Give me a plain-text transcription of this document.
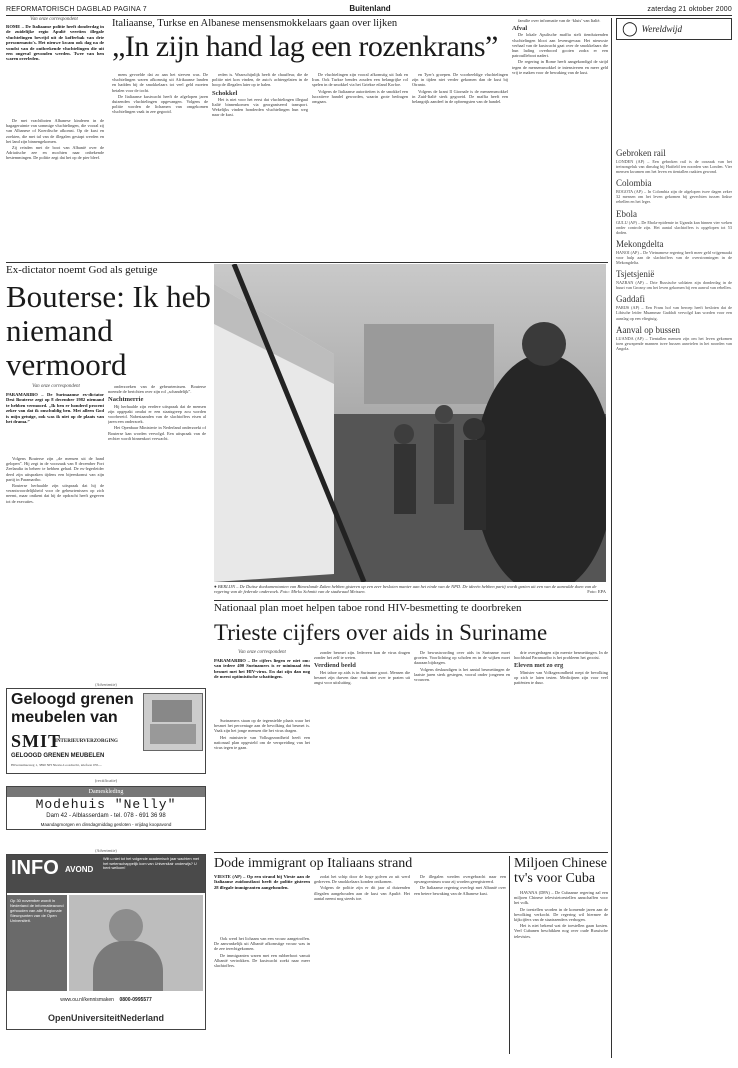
REFORMATORISCH DAGBLAD PAGINA 7	Buitenland	zaterdag 21 oktober 2000
Van onze correspondent
ROME – De Italiaanse politie heeft donderdag in de zuidelijke regio Apulië veertien illegale vluchtelingen bevrijd uit de kofferbak van drie personenauto's. Het nieuwe kwam ook dag na de vondst van de ontbrekende vluchtelingen die uit een ongeval gevonden werden. Twee van hen waren overleden.

De met vrachtboten Albanese kinderen in de bagageruimte van sommige vluchtelingen, die vooral zij van Albanese of Koerdische afkomst. Op de kust en zoekten, die met tal van de illegalen gestapt werden en het land zijn binnengekomen.

Zij reisden met de boot van Albanië over de Adriatische zee en mochten naar onbekende bestemmingen. De politie zegt dat het op de pier bleef.

Italiaanse, Turkse en Albanese mensensmokkelaars gaan over lijken
„In zijn hand lag een rozenkrans”

mens gevoelde dat zo aan het sterven was. De vluchtelingen waren afkomstig uit Afrikaanse landen en hadden bij de smokkelaars tot veel geld moeten betalen voor de tocht.

De Italiaanse kustwacht heeft de afgelopen jaren duizenden vluchtelingen opgevangen. Volgens de politie worden de lichamen van omgekomen vluchtelingen vaak in zee gegooid.

reden is. Waarschijnlijk heeft de chauffeur, die de politie niet kon vinden, de auto's achtergelaten in de hoop de illegalen later op te halen.

Schokkel

Het is niet voor het eerst dat vluchtelingen illegaal Italië binnenkomen via georganiseerd transport. Wekelijks vinden honderden vluchtelingen hun weg naar de kust.

De vluchtelingen zijn vooral afkomstig uit Irak en Iran. Ook Turkse bendes zouden een belangrijke rol spelen in de smokkel via het Griekse eiland Korfoe.

Volgens de Italiaanse autoriteiten is de smokkel een lucratieve handel geworden, waarin grote bedragen omgaan.

en Tyer's groepen. De voorbeeldige vluchtelingen zijn in tijden niet verder gekomen dan de kust bij Otranto.

Volgens de krant Il Giornale is de mensensmokkel in Zuid-Italië sterk gegroeid. De maffia heeft een belangrijk aandeel in de opbrengsten van de handel.

familie over informatie van de ‘kluis’ van Italië.

Afval

De lokale Apulische maffia stelt tienduizenden vluchtelingen bloot aan levensgevaar. Het nieuwste verhaal van de kustwacht gaat over de smokkelaars die hun lading overboord gooien zodra er een patrouilleboot nadert.

De regering in Rome heeft aangekondigd de strijd tegen de mensensmokkel te intensiveren en meer geld vrij te maken voor de bewaking van de kust.

◯ Wereldwijd
Gebroken rail
LONDEN (AP) – Een gebroken rail is de oorzaak van het treinongeluk van dinsdag bij Hatfield ten noorden van Londen. Vier mensen kwamen om het leven en tientallen raakten gewond.
Colombia
BOGOTA (AP) – In Colombia zijn de afgelopen twee dagen zeker 32 mensen om het leven gekomen bij gevechten tussen linkse rebellen en het leger.
Ebola
GULU (AP) – De Ebola-epidemie in Uganda kan binnen vier weken onder controle zijn. Het aantal slachtoffers is opgelopen tot 53 doden.
Mekongdelta
HANOI (AP) – De Vietnamese regering heeft meer geld vrijgemaakt voor hulp aan de slachtoffers van de overstromingen in de Mekongdelta.
Tsjetsjenië
NAZRAN (AP) – Drie Russische soldaten zijn donderdag in de buurt van Grozny om het leven gekomen bij een aanval van rebellen.
Gaddafi
PARIJS (AP) – Een Frans hof van beroep heeft besloten dat de Libische leider Muammar Gaddafi vervolgd kan worden voor een aanslag op een vliegtuig.
Aanval op bussen
LUANDA (AP) – Tientallen mensen zijn om het leven gekomen toen gewapende mannen twee bussen aanvielen in het noorden van Angola.
Ex-dictator noemt God als getuige
Bouterse: Ik heb niemand vermoord
Van onze correspondent
PARAMARIBO – De Surinaamse ex-dictator Desi Bouterse zegt op 8 december 1982 niemand te hebben vermoord. „Ik ben er honderd procent zeker van dat ik onschuldig ben. Met alleen God is mijn getuige, ook was ik niet op de plaats van het drama.”

Volgens Bouterse zijn „de mensen uit de hand gelopen”. Hij zegt in de voorzaak van 8 december Fort Zeelandia in beheer te hebben gehad. De ex-legerleider deed zijn uitspraken tijdens een bijeenkomst van zijn partij in Paramaribo.

Bouterse herhaalde zijn uitspraak dat hij de verantwoordelijkheid voor de gebeurtenissen op zich neemt, maar ontkent dat hij de opdracht heeft gegeven tot de executies.

onderzoeken van de gebeurtenissen. Bouterse noemde de berichten over zijn rol „schandelijk”.

Nachtmerrie

Hij herhaalde zijn eerdere uitspraak dat de mensen zijn opgepakt omdat er een staatsgreep zou worden voorbereid. Nabestaanden van de slachtoffers eisen al jaren een onderzoek.

Het Openbaar Ministerie in Nederland onderzoekt of Bouterse kan worden vervolgd. Een uitspraak van de rechter wordt binnenkort verwacht.

● BERLIJN – De Duitse donkumentanten van Bimeslande Zaken hebben gisteren op een zeer besloten manier aan het einde van de NPD. De ideeën hebben partij wordt gezien uit een van de aanvulde doen van de regering van de federale onderzoek. Foto: Mirko Schmitt van de stadsraad Meissen.	Foto: EPA
Nationaal plan moet helpen taboe rond HIV-besmetting te doorbreken
Trieste cijfers over aids in Suriname
Van onze correspondent
PARAMARIBO – De cijfers liegen er niet om: van iedere 400 Surinamers is er minimaal één besmet met het HIV-virus. En dat zijn dan nog de meest optimistische schattingen.

Surinamers staan op de tegenstelde plaats waar het besmet het percentage aan de bevolking dat besmet is. Vaak zijn het jonge mensen die het virus dragen.

Het ministerie van Volksgezondheid heeft een nationaal plan opgesteld om de verspreiding van het virus tegen te gaan.

zonder besmet zijn. Iedereen kan de virus dragen zonder het zelf te weten.

Verdiend beeld

Het taboe op aids is in Suriname groot. Mensen die besmet zijn durven daar vaak niet over te praten uit angst voor uitsluiting.

De bewustwording over aids in Suriname moet groeien. Voorlichting op scholen en in de wijken moet daaraan bijdragen.

Volgens deskundigen is het aantal besmettingen de laatste jaren sterk gestegen, vooral onder jongeren en vrouwen.

drie overgedragen zijn meeste besmettingen. In de hoofdstad Paramaribo is het probleem het grootst.

Eleven met zo erg

Minister van Volksgezondheid roept de bevolking op zich te laten testen. Medicijnen zijn voor veel patiënten te duur.

(Advertentie)
Geloogd grenen
meubelen van
SMIT
INTERIEURVERZORGING
GELOOGD GRENEN MEUBELEN
Hilversumseweg 1, 3890 NH Nieuw-Loosdrecht, telefoon 035-...
(rectificatie)
Dameskleding
Modehuis "Nelly"
Dam 42 - Alblasserdam - tel. 078 - 691 36 98
Maandagmorgen en dinsdagmiddag gesloten - vrijdag koopavond
(Advertentie)
INFO AVOND
Wilt u niet tot het volgende academisch jaar wachten met het wetenschappelijk kom van Universitair onderwijs? U bent welkom!
Op 30 november wordt in Nederland de informatieavond gehouden van alle Regionale Steunpunten van de Open Universiteit.
www.ou.nl/kennismaken 0800-0995577
OpenUniversiteitNederland
Dode immigrant op Italiaans strand
VIESTE (AP) – Op een strand bij Vieste aan de Italiaanse zuidoostkust heeft de politie gisteren 28 illegale immigranten aangehouden.

Ook werd het lichaam van een vrouw aangetroffen. De aanvankelijk uit Albanië afkomstige vrouw was in de zee terechtgekomen.

De immigranten waren met een rubberboot vanuit Albanië vertrokken. De kustwacht zoekt naar meer slachtoffers.

zodat het schip door de hoge golven zo uit werd gedreven. De smokkelaars konden ontkomen.

Volgens de politie zijn er dit jaar al duizenden illegalen aangehouden aan de kust van Apulië. Het aantal neemt nog steeds toe.

De illegalen werden overgebracht naar een opvangcentrum waar zij worden geregistreerd.

De Italiaanse regering overlegt met Albanië over een betere bewaking van de Albanese kust.

Miljoen Chinese tv's voor Cuba

HAVANA (DPA) – De Cubaanse regering zal een miljoen Chinese televisietoestellen aanschaffen voor het volk.

De toestellen worden in de komende jaren aan de bevolking verkocht. De regering wil hiermee de kijkcijfers van de staatszenders verhogen.

Het is niet bekend wat de toestellen gaan kosten. Veel Cubanen beschikken nog over oude Russische televisies.
